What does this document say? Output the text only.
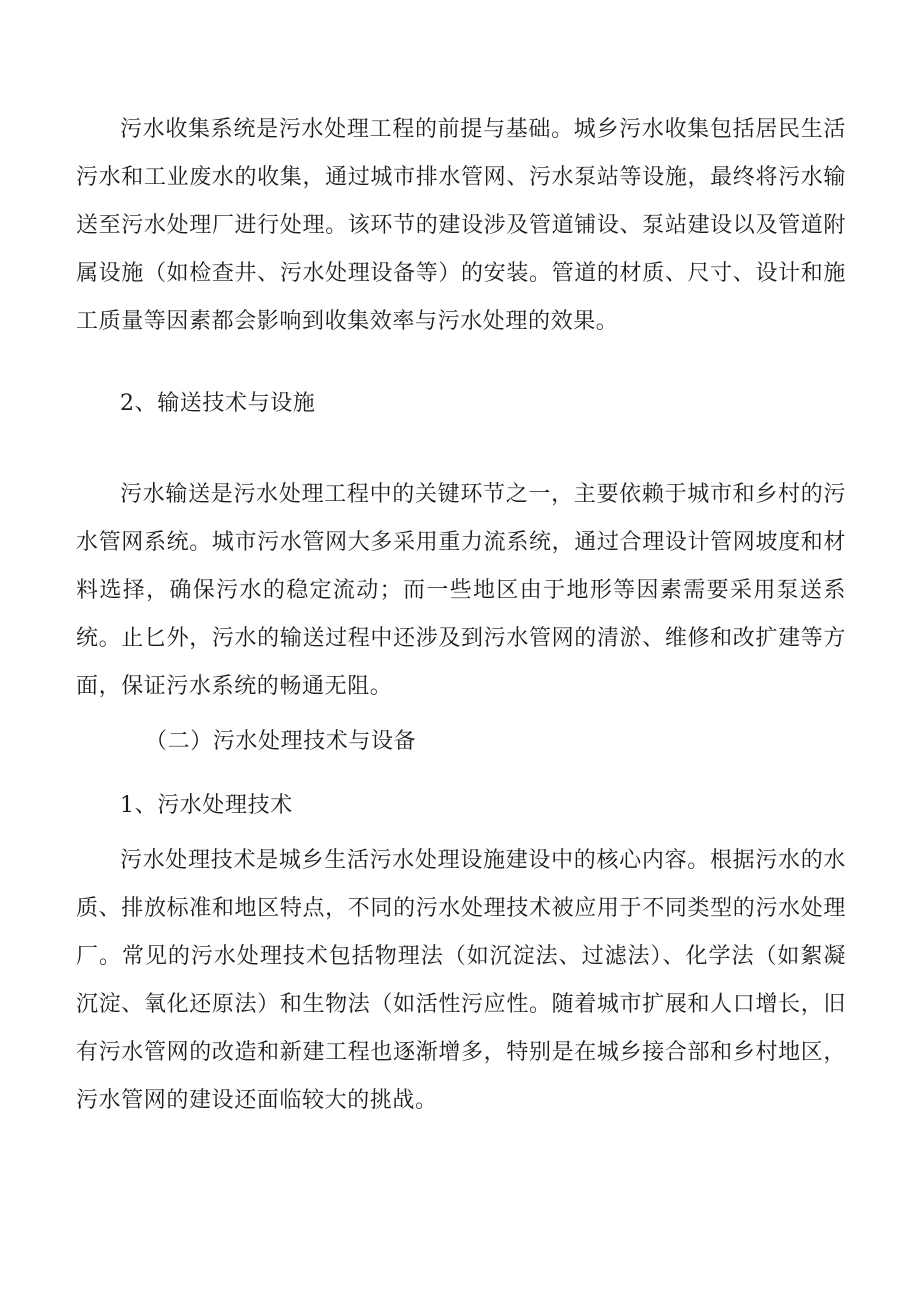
污水收集系统是污水处理工程的前提与基础。城乡污水收集包括居民生活污水和工业废水的收集，通过城市排水管网、污水泵站等设施，最终将污水输送至污水处理厂进行处理。该环节的建设涉及管道铺设、泵站建设以及管道附属设施（如检查井、污水处理设备等）的安装。管道的材质、尺寸、设计和施工质量等因素都会影响到收集效率与污水处理的效果。

2、输送技术与设施

污水输送是污水处理工程中的关键环节之一，主要依赖于城市和乡村的污水管网系统。城市污水管网大多采用重力流系统，通过合理设计管网坡度和材料选择，确保污水的稳定流动；而一些地区由于地形等因素需要采用泵送系统。止匕外，污水的输送过程中还涉及到污水管网的清淤、维修和改扩建等方面，保证污水系统的畅通无阻。

（二）污水处理技术与设备

1、污水处理技术

污水处理技术是城乡生活污水处理设施建设中的核心内容。根据污水的水质、排放标准和地区特点，不同的污水处理技术被应用于不同类型的污水处理厂。常见的污水处理技术包括物理法（如沉淀法、过滤法）、化学法（如絮凝沉淀、氧化还原法）和生物法（如活性污应性。随着城市扩展和人口增长，旧有污水管网的改造和新建工程也逐渐增多，特别是在城乡接合部和乡村地区，污水管网的建设还面临较大的挑战。
